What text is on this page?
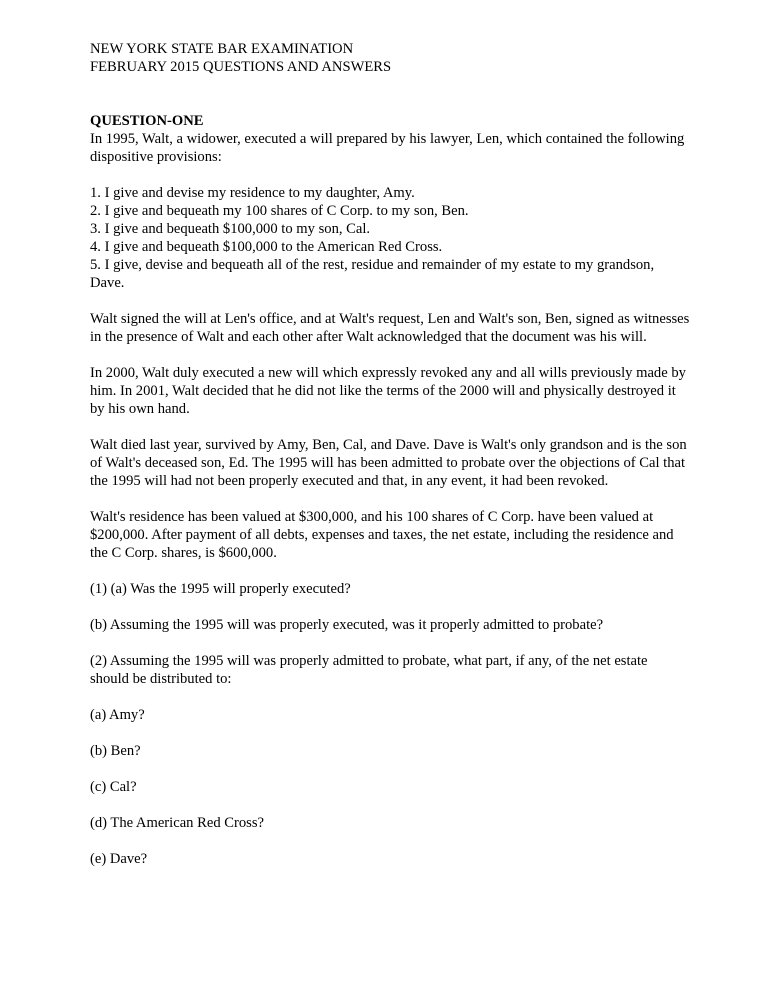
NEW YORK STATE BAR EXAMINATION
FEBRUARY 2015 QUESTIONS AND ANSWERS
QUESTION-ONE

In 1995, Walt, a widower, executed a will prepared by his lawyer, Len, which contained the following dispositive provisions:

1. I give and devise my residence to my daughter, Amy.
2. I give and bequeath my 100 shares of C Corp. to my son, Ben.
3. I give and bequeath $100,000 to my son, Cal.
4. I give and bequeath $100,000 to the American Red Cross.
5. I give, devise and bequeath all of the rest, residue and remainder of my estate to my grandson, Dave.

Walt signed the will at Len's office, and at Walt's request, Len and Walt's son, Ben, signed as witnesses in the presence of Walt and each other after Walt acknowledged that the document was his will.

In 2000, Walt duly executed a new will which expressly revoked any and all wills previously made by him. In 2001, Walt decided that he did not like the terms of the 2000 will and physically destroyed it by his own hand.

Walt died last year, survived by Amy, Ben, Cal, and Dave. Dave is Walt's only grandson and is the son of Walt's deceased son, Ed. The 1995 will has been admitted to probate over the objections of Cal that the 1995 will had not been properly executed and that, in any event, it had been revoked.

Walt's residence has been valued at $300,000, and his 100 shares of C Corp. have been valued at $200,000. After payment of all debts, expenses and taxes, the net estate, including the residence and the C Corp. shares, is $600,000.

(1) (a) Was the 1995 will properly executed?

(b) Assuming the 1995 will was properly executed, was it properly admitted to probate?

(2) Assuming the 1995 will was properly admitted to probate, what part, if any, of the net estate should be distributed to:

(a) Amy?

(b) Ben?

(c) Cal?

(d) The American Red Cross?

(e) Dave?
